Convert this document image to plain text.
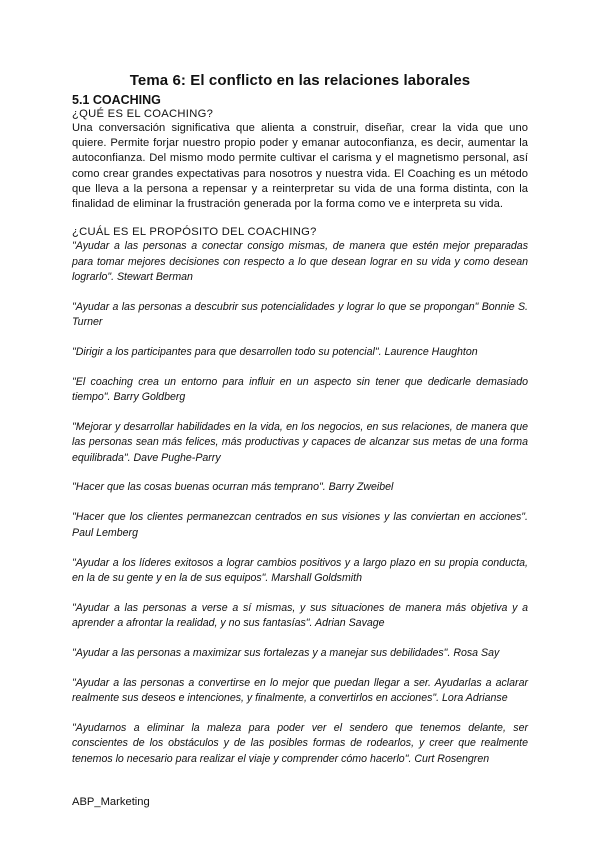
Tema 6: El conflicto en las relaciones laborales
5.1 COACHING
¿QUÉ ES EL COACHING?

Una conversación significativa que alienta a construir, diseñar, crear la vida que uno quiere. Permite forjar nuestro propio poder y emanar autoconfianza, es decir, aumentar la autoconfianza. Del mismo modo permite cultivar el carisma y el magnetismo personal, así como crear grandes expectativas para nosotros y nuestra vida. El Coaching es un método que lleva a la persona a repensar y a reinterpretar su vida de una forma distinta, con la finalidad de eliminar la frustración generada por la forma como ve e interpreta su vida.

¿CUÁL ES EL PROPÓSITO DEL COACHING?

"Ayudar a las personas a conectar consigo mismas, de manera que estén mejor preparadas para tomar mejores decisiones con respecto a lo que desean lograr en su vida y como desean lograrlo". Stewart Berman

"Ayudar a las personas a descubrir sus potencialidades y lograr lo que se propongan" Bonnie S. Turner

"Dirigir a los participantes para que desarrollen todo su potencial". Laurence Haughton

"El coaching crea un entorno para influir en un aspecto sin tener que dedicarle demasiado tiempo". Barry Goldberg

"Mejorar y desarrollar habilidades en la vida, en los negocios, en sus relaciones, de manera que las personas sean más felices, más productivas y capaces de alcanzar sus metas de una forma equilibrada". Dave Pughe-Parry

"Hacer que las cosas buenas ocurran más temprano". Barry Zweibel

"Hacer que los clientes permanezcan centrados en sus visiones y las conviertan en acciones". Paul Lemberg

"Ayudar a los líderes exitosos a lograr cambios positivos y a largo plazo en su propia conducta, en la de su gente y en la de sus equipos". Marshall Goldsmith

"Ayudar a las personas a verse a sí mismas, y sus situaciones de manera más objetiva y a aprender a afrontar la realidad, y no sus fantasías". Adrian Savage

"Ayudar a las personas a maximizar sus fortalezas y a manejar sus debilidades". Rosa Say

"Ayudar a las personas a convertirse en lo mejor que puedan llegar a ser. Ayudarlas a aclarar realmente sus deseos e intenciones, y finalmente, a convertirlos en acciones". Lora Adrianse

"Ayudarnos a eliminar la maleza para poder ver el sendero que tenemos delante, ser conscientes de los obstáculos y de las posibles formas de rodearlos, y creer que realmente tenemos lo necesario para realizar el viaje y comprender cómo hacerlo". Curt Rosengren

ABP_Marketing
